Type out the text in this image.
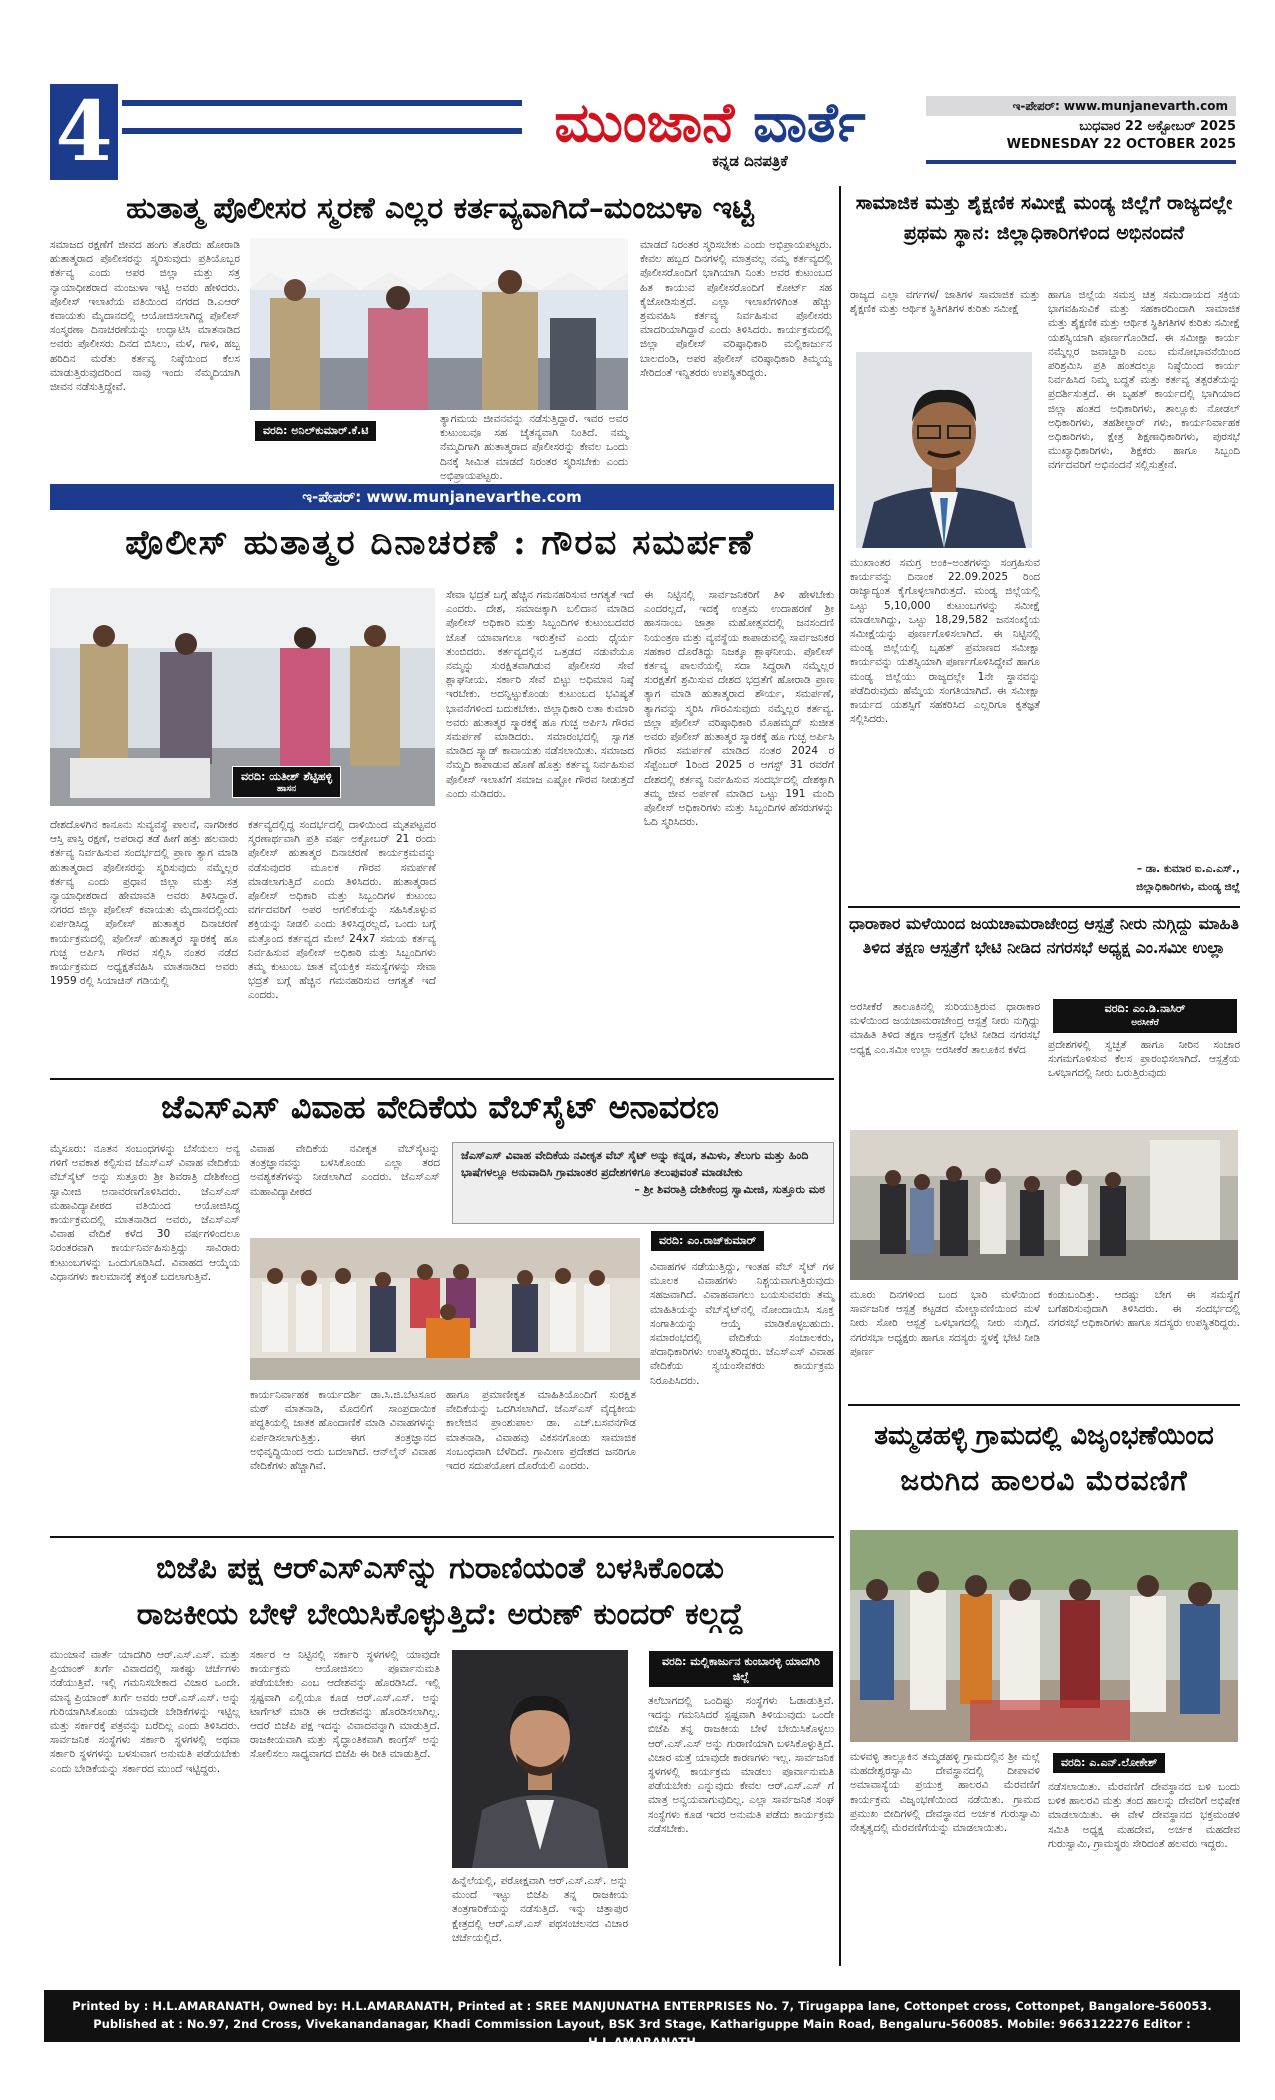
4	ಮುಂಜಾನೆ ವಾರ್ತೆ
ಕನ್ನಡ ದಿನಪತ್ರಿಕೆ
ಇ-ಪೇಪರ್: www.munjanevarth.com
ಬುಧವಾರ 22 ಅಕ್ಟೋಬರ್ 2025
WEDNESDAY 22 OCTOBER 2025
ಹುತಾತ್ಮ ಪೊಲೀಸರ ಸ್ಮರಣೆ ಎಲ್ಲರ ಕರ್ತವ್ಯವಾಗಿದೆ–ಮಂಜುಳಾ ಇಟ್ಟಿ
ಸಮಾಜದ ರಕ್ಷಣೆಗೆ ಜೀವದ ಹಂಗು ತೊರೆದು ಹೋರಾಡಿ ಹುತಾತ್ಮರಾದ ಪೊಲೀಸರನ್ನು ಸ್ಮರಿಸುವುದು ಪ್ರತಿಯೊಬ್ಬರ ಕರ್ತವ್ಯ ಎಂದು ಅಪರ ಜಿಲ್ಲಾ ಮತ್ತು ಸತ್ರ ನ್ಯಾಯಾಧೀಶರಾದ ಮಂಜುಳಾ ಇಟ್ಟಿ ಅವರು ಹೇಳಿದರು. ಪೊಲೀಸ್ ಇಲಾಖೆಯ ವತಿಯಿಂದ ನಗರದ ಡಿ.ಎಆರ್ ಕವಾಯತು ಮೈದಾನದಲ್ಲಿ ಆಯೋಜಿಸಲಾಗಿದ್ದ ಪೊಲೀಸ್ ಸಂಸ್ಮರಣಾ ದಿನಾಚರಣೆಯನ್ನು ಉದ್ಘಾಟಿಸಿ ಮಾತನಾಡಿದ ಅವರು ಪೊಲೀಸರು ದಿನದ ಬಿಸಿಲು, ಮಳೆ, ಗಾಳಿ, ಹಬ್ಬ ಹರಿದಿನ ಮರೆತು ಕರ್ತವ್ಯ ನಿಷ್ಠೆಯಿಂದ ಕೆಲಸ ಮಾಡುತ್ತಿರುವುದರಿಂದ ನಾವು ಇಂದು ನೆಮ್ಮದಿಯಾಗಿ ಜೀವನ ನಡೆಸುತ್ತಿದ್ದೇವೆ.
ವರದಿ: ಅನಿಲ್‌ಕುಮಾರ್.ಕೆ.ಟಿ
ತ್ಯಾಗಮಯ ಜೀವನವನ್ನು ನಡೆಸುತ್ತಿದ್ದಾರೆ. ಇವರ ಅವರ ಕುಟುಂಬವೂ ಸಹ ಚೈತನ್ಯವಾಗಿ ನಿಂತಿದೆ. ನಮ್ಮ ನೆಮ್ಮದಿಗಾಗಿ ಹುತಾತ್ಮರಾದ ಪೊಲೀಸರನ್ನು ಕೇವಲ ಒಂದು ದಿನಕ್ಕೆ ಸೀಮಿತ ಮಾಡದೆ ನಿರಂತರ ಸ್ಮರಿಸಬೇಕು ಎಂದು ಅಭಿಪ್ರಾಯಪಟ್ಟರು.
ಮಾಡದೆ ನಿರಂತರ ಸ್ಮರಿಸಬೇಕು ಎಂದು ಅಭಿಪ್ರಾಯಪಟ್ಟರು. ಕೇವಲ ಹಬ್ಬದ ದಿನಗಳಲ್ಲಿ ಮಾತ್ರವಲ್ಲ ನಮ್ಮ ಕರ್ತವ್ಯದಲ್ಲಿ ಪೊಲೀಸರೊಂದಿಗೆ ಭಾಗಿಯಾಗಿ ನಿಂತು ಅವರ ಕುಟುಂಬದ ಹಿತ ಕಾಯುವ ಪೊಲೀಸರೊಂದಿಗೆ ಕೋರ್ಟ್ ಸಹ ಕೈಜೋಡಿಸುತ್ತದೆ. ಎಲ್ಲಾ ಇಲಾಖೆಗಳಿಗಿಂತ ಹೆಚ್ಚು ಶ್ರಮವಹಿಸಿ ಕರ್ತವ್ಯ ನಿರ್ವಹಿಸುವ ಪೊಲೀಸರು ಮಾದರಿಯಾಗಿದ್ದಾರೆ ಎಂದು ತಿಳಿಸಿದರು. ಕಾರ್ಯಕ್ರಮದಲ್ಲಿ ಜಿಲ್ಲಾ ಪೊಲೀಸ್ ವರಿಷ್ಠಾಧಿಕಾರಿ ಮಲ್ಲಿಕಾರ್ಜುನ ಬಾಲದಂಡಿ, ಅಪರ ಪೊಲೀಸ್ ವರಿಷ್ಠಾಧಿಕಾರಿ ತಿಮ್ಮಯ್ಯ ಸೇರಿದಂತೆ ಇನ್ನಿತರರು ಉಪಸ್ಥಿತರಿದ್ದರು.
ಇ-ಪೇಪರ್: www.munjanevarthe.com
ಪೊಲೀಸ್ ಹುತಾತ್ಮರ ದಿನಾಚರಣೆ : ಗೌರವ ಸಮರ್ಪಣೆ
ವರದಿ: ಯತೀಶ್ ಶೆಟ್ಟಿಹಳ್ಳಿ
ಹಾಸನ
ದೇಶದೊಳಗಿನ ಕಾನೂನು ಸುವ್ಯವಸ್ಥೆ ಪಾಲನೆ, ನಾಗರೀಕರ ಆಸ್ತಿ ಪಾಸ್ತಿ ರಕ್ಷಣೆ, ಅಪರಾಧ ತಡೆ ಹೀಗೆ ಹತ್ತು ಹಲವಾರು ಕರ್ತವ್ಯ ನಿರ್ವಹಿಸುವ ಸಂದರ್ಭದಲ್ಲಿ ಪ್ರಾಣ ತ್ಯಾಗ ಮಾಡಿ ಹುತಾತ್ಮರಾದ ಪೊಲೀಸರನ್ನು ಸ್ಮರಿಸುವುದು ನಮ್ಮೆಲ್ಲರ ಕರ್ತವ್ಯ ಎಂದು ಪ್ರಧಾನ ಜಿಲ್ಲಾ ಮತ್ತು ಸತ್ರ ನ್ಯಾಯಾಧೀಶರಾದ ಹೇಮಾವತಿ ಅವರು ತಿಳಿಸಿದ್ದಾರೆ. ನಗರದ ಜಿಲ್ಲಾ ಪೊಲೀಸ್ ಕವಾಯತು ಮೈದಾನದಲ್ಲಿಂದು ಏರ್ಪಡಿಸಿದ್ದ ಪೊಲೀಸ್ ಹುತಾತ್ಮರ ದಿನಾಚರಣೆ ಕಾರ್ಯಕ್ರಮದಲ್ಲಿ ಪೊಲೀಸ್ ಹುತಾತ್ಮರ ಸ್ಮಾರಕಕ್ಕೆ ಹೂ ಗುಚ್ಛ ಅರ್ಪಿಸಿ ಗೌರವ ಸಲ್ಲಿಸಿ ನಂತರ ನಡೆದ ಕಾರ್ಯಕ್ರಮದ ಅಧ್ಯಕ್ಷತೆವಹಿಸಿ ಮಾತನಾಡಿದ ಅವರು 1959 ರಲ್ಲಿ ಸಿಯಾಚಿನ್ ಗಡಿಯಲ್ಲಿ
ಕರ್ತವ್ಯದಲ್ಲಿದ್ದ ಸಂದರ್ಭದಲ್ಲಿ ದಾಳಿಯಿಂದ ಮೃತಪಟ್ಟವರ ಸ್ಮರಣಾರ್ಥವಾಗಿ ಪ್ರತಿ ವರ್ಷ ಅಕ್ಟೋಬರ್ 21 ರಂದು ಪೊಲೀಸ್ ಹುತಾತ್ಮರ ದಿನಾಚರಣೆ ಕಾರ್ಯಕ್ರಮವನ್ನು ನಡೆಸುವುದರ ಮೂಲಕ ಗೌರವ ಸಮರ್ಪಣೆ ಮಾಡಲಾಗುತ್ತಿದೆ ಎಂದು ತಿಳಿಸಿದರು. ಹುತಾತ್ಮರಾದ ಪೊಲೀಸ್ ಅಧಿಕಾರಿ ಮತ್ತು ಸಿಬ್ಬಂದಿಗಳ ಕುಟುಂಬ ವರ್ಗದವರಿಗೆ ಅಪರ ಅಗಲಿಕೆಯನ್ನು ಸಹಿಸಿಕೊಳ್ಳುವ ಶಕ್ತಿಯನ್ನು ನೀಡಲಿ ಎಂದು ತಿಳಿಸಿದ್ದರಲ್ಲದೆ, ಒಂದು ಬಗ್ಗೆ ಮತ್ತೊಂದ ಕರ್ತವ್ಯದ ಮೇಲೆ 24x7 ಸಮಯ ಕರ್ತವ್ಯ ನಿರ್ವಹಿಸುವ ಪೊಲೀಸ್ ಅಧಿಕಾರಿ ಮತ್ತು ಸಿಬ್ಬಂದಿಗಳು ತಮ್ಮ ಕುಟುಂಬ ಜಾತ ವೈಯಕ್ತಿಕ ಸಮಸ್ಯೆಗಳನ್ನು ಸೇವಾ ಭದ್ರತೆ ಬಗ್ಗೆ ಹೆಚ್ಚಿನ ಗಮನಹರಿಸುವ ಆಗತ್ಯತೆ ಇದೆ ಎಂದರು.
ಸೇವಾ ಭದ್ರತೆ ಬಗ್ಗೆ ಹೆಚ್ಚಿನ ಗಮನಹರಿಸುವ ಆಗತ್ಯತೆ ಇದೆ ಎಂದರು. ದೇಶ, ಸಮಾಜಕ್ಕಾಗಿ ಬಲಿದಾನ ಮಾಡಿದ ಪೊಲೀಸ್ ಅಧಿಕಾರಿ ಮತ್ತು ಸಿಬ್ಬಂದಿಗಳ ಕುಟುಂಬದವರ ಜೊತೆ ಯಾವಾಗಲೂ ಇರುತ್ತೇವೆ ಎಂದು ಧೈರ್ಯ ತುಂಬಿದರು. ಕರ್ತವ್ಯದಲ್ಲಿನ ಒತ್ತಡದ ನಡುವೆಯೂ ನಮ್ಮನ್ನು ಸುರಕ್ಷಿತವಾಗಿಡುವ ಪೊಲೀಸರ ಸೇವೆ ಶ್ಲಾಘನೀಯ. ಸರ್ಕಾರಿ ಸೇವೆ ಬಿಟ್ಟು ಅಧಿಮಾನ ನಿಷ್ಠೆ ಇರಬೇಕು. ಅದನ್ನಿಟ್ಟುಕೊಂಡು ಕುಟುಂಬದ ಭವಿಷ್ಯತೆ ಭಾವನೆಗಳಿಂದ ಬದುಕಬೇಕು. ಜಿಲ್ಲಾಧಿಕಾರಿ ಲತಾ ಕುಮಾರಿ ಅವರು ಹುತಾತ್ಮರ ಸ್ಮಾರಕಕ್ಕೆ ಹೂ ಗುಚ್ಛ ಅರ್ಪಿಸಿ ಗೌರವ ಸಮರ್ಪಣೆ ಮಾಡಿದರು. ಸಮಾರಂಭದಲ್ಲಿ ಸ್ವಾಗತ ಮಾಡಿದ ಸ್ಕ್ವಾಡ್ ಕಾವಾಯತು ನಡೆಸಲಾಯಿತು. ಸಮಾಜದ ನೆಮ್ಮದಿ ಕಾಪಾಡುವ ಹೊಣೆ ಹೊತ್ತು ಕರ್ತವ್ಯ ನಿರ್ವಹಿಸುವ ಪೊಲೀಸ್ ಇಲಾಖೆಗೆ ಸಮಾಜ ಎಷ್ಟೋ ಗೌರವ ನೀಡುತ್ತದೆ ಎಂದು ನುಡಿದರು.
ಈ ನಿಟ್ಟಿನಲ್ಲಿ ಸಾರ್ವಜನಿಕರಿಗೆ ತಿಳಿ ಹೇಳಬೇಕು ಎಂದರಲ್ಲದೆ, ಇದಕ್ಕೆ ಉತ್ತಮ ಉದಾಹರಣೆ ಶ್ರೀ ಹಾಸನಾಂಬ ಜಾತ್ರಾ ಮಹೋತ್ಸವದಲ್ಲಿ ಜನಸಂದಣಿ ನಿಯಂತ್ರಣ ಮತ್ತು ವ್ಯವಸ್ಥೆಯ ಕಾಪಾಡುವಲ್ಲಿ ಸಾರ್ವಜನಿಕರ ಸಹಕಾರ ದೊರೆತಿದ್ದು ನಿಜಕ್ಕೂ ಶ್ಲಾಘನೀಯ. ಪೊಲೀಸ್ ಕರ್ತವ್ಯ ಪಾಲನೆಯಲ್ಲಿ ಸದಾ ಸಿದ್ಧರಾಗಿ ನಮ್ಮೆಲ್ಲರ ಸುರಕ್ಷತೆಗೆ ಶ್ರಮಿಸುವ ದೇಶದ ಭದ್ರತೆಗೆ ಹೋರಾಡಿ ಪ್ರಾಣ ತ್ಯಾಗ ಮಾಡಿ ಹುತಾತ್ಮರಾದ ಶೌರ್ಯ, ಸಮರ್ಪಣೆ, ತ್ಯಾಗವನ್ನು ಸ್ಮರಿಸಿ ಗೌರವಿಸುವುದು ನಮ್ಮೆಲ್ಲರ ಕರ್ತವ್ಯ. ಜಿಲ್ಲಾ ಪೊಲೀಸ್ ವರಿಷ್ಠಾಧಿಕಾರಿ ಮೊಹಮ್ಮದ್ ಸುಜೀತ ಅವರು ಪೊಲೀಸ್ ಹುತಾತ್ಮರ ಸ್ಮಾರಕಕ್ಕೆ ಹೂ ಗುಚ್ಛ ಅರ್ಪಿಸಿ ಗೌರವ ಸಮರ್ಪಣೆ ಮಾಡಿದ ನಂತರ 2024 ರ ಸೆಪ್ಟೆಂಬರ್ 1ರಿಂದ 2025 ರ ಆಗಸ್ಟ್ 31 ರವರೆಗೆ ದೇಶದಲ್ಲಿ ಕರ್ತವ್ಯ ನಿರ್ವಹಿಸುವ ಸಂದರ್ಭದಲ್ಲಿ ದೇಶಕ್ಕಾಗಿ ತಮ್ಮ ಜೀವ ಅರ್ಪಣೆ ಮಾಡಿದ ಒಟ್ಟು 191 ಮಂದಿ ಪೊಲೀಸ್ ಅಧಿಕಾರಿಗಳು ಮತ್ತು ಸಿಬ್ಬಂದಿಗಳ ಹೆಸರುಗಳನ್ನು ಓದಿ ಸ್ಮರಿಸಿದರು.
ಜೆಎಸ್‌ಎಸ್ ವಿವಾಹ ವೇದಿಕೆಯ ವೆಬ್‌ಸೈಟ್ ಅನಾವರಣ
ಮೈಸೂರು: ನೂತನ ಸಂಬಂಧಗಳನ್ನು ಬೆಸೆಯಲು ಅನ್ಯ ಗಳಿಗೆ ಅವಕಾಶ ಕಲ್ಪಿಸುವ ಜೆಎಸ್‌ಎಸ್ ವಿವಾಹ ವೇದಿಕೆಯ ವೆಬ್‌ಸೈಟ್ ಅನ್ನು ಸುತ್ತೂರು ಶ್ರೀ ಶಿವರಾತ್ರಿ ದೇಶಿಕೇಂದ್ರ ಸ್ವಾಮೀಜಿ ಅನಾವರಣಗೊಳಿಸಿದರು. ಜೆಎಸ್‌ಎಸ್ ಮಹಾವಿದ್ಯಾಪೀಠದ ವತಿಯಿಂದ ಆಯೋಜಿಸಿದ್ದ ಕಾರ್ಯಕ್ರಮದಲ್ಲಿ ಮಾತನಾಡಿದ ಅವರು, ಜೆಎಸ್‌ಎಸ್ ವಿವಾಹ ವೇದಿಕೆ ಕಳೆದ 30 ವರ್ಷಗಳಿಂದಲೂ ನಿರಂತರವಾಗಿ ಕಾರ್ಯನಿರ್ವಹಿಸುತ್ತಿದ್ದು ಸಾವಿರಾರು ಕುಟುಂಬಗಳನ್ನು ಒಂದುಗೂಡಿಸಿದೆ. ವಿವಾಹದ ಆಯ್ಕೆಯ ವಿಧಾನಗಳು ಕಾಲಮಾನಕ್ಕೆ ತಕ್ಕಂತೆ ಬದಲಾಗುತ್ತಿವೆ.
ವಿವಾಹ ವೇದಿಕೆಯ ನವೀಕೃತ ವೆಬ್‌ಸೈಟನ್ನು ತಂತ್ರಜ್ಞಾನವನ್ನು ಬಳಸಿಕೊಂಡು ಎಲ್ಲಾ ತರದ ಅವಶ್ಯಕತೆಗಳನ್ನು ನೀಡಲಾಗಿದೆ ಎಂದರು. ಜೆಎಸ್‌ಎಸ್ ಮಹಾವಿದ್ಯಾಪೀಠದ
ಜೆಎಸ್‌ಎಸ್ ವಿವಾಹ ವೇದಿಕೆಯ ನವೀಕೃತ ವೆಬ್ ಸೈಟ್ ಅನ್ನು ಕನ್ನಡ, ತಮಿಳು, ತೆಲುಗು ಮತ್ತು ಹಿಂದಿ ಭಾಷೆಗಳಲ್ಲೂ ಅನುವಾದಿಸಿ ಗ್ರಾಮಾಂತರ ಪ್ರದೇಶಗಳಿಗೂ ತಲುಪುವಂತೆ ಮಾಡಬೇಕು
– ಶ್ರೀ ಶಿವರಾತ್ರಿ ದೇಶಿಕೇಂದ್ರ ಸ್ವಾಮೀಜಿ, ಸುತ್ತೂರು ಮಠ
ವರದಿ: ಎಂ.ರಾಜ್‌ಕುಮಾರ್
ಕಾರ್ಯನಿರ್ವಾಹಕ ಕಾರ್ಯದರ್ಶಿ ಡಾ.ಸಿ.ಜಿ.ಬೆಟಸೂರ ಮಠ್ ಮಾತನಾಡಿ, ಮೊದಲಿಗೆ ಸಾಂಪ್ರದಾಯಿಕ ಪದ್ಧತಿಯಲ್ಲಿ ಜಾತಕ ಹೊಂದಾಣಿಕೆ ಮಾಡಿ ವಿವಾಹಗಳನ್ನು ಏರ್ಪಡಿಸಲಾಗುತ್ತಿತ್ತು. ಈಗ ತಂತ್ರಜ್ಞಾನದ ಅಭಿವೃದ್ಧಿಯಿಂದ ಅದು ಬದಲಾಗಿದೆ. ಆನ್‌ಲೈನ್ ವಿವಾಹ ವೇದಿಕೆಗಳು ಹೆಚ್ಚಾಗಿವೆ.
ಹಾಗೂ ಪ್ರಮಾಣೀಕೃತ ಮಾಹಿತಿಯೊಂದಿಗೆ ಸುರಕ್ಷಿತ ವೇದಿಕೆಯನ್ನು ಒದಗಿಸಲಾಗಿದೆ. ಜೆಎಸ್‌ಎಸ್ ವೈದ್ಯಕೀಯ ಕಾಲೇಜಿನ ಪ್ರಾಂಶುಪಾಲ ಡಾ. ಎಚ್.ಬಸವನಗೌಡ ಮಾತನಾಡಿ, ವಿವಾಹವು ವಿಕಸನಗೊಂಡು ಸಾಮಾಜಿಕ ಸಂಬಂಧವಾಗಿ ಬೆಳೆದಿದೆ. ಗ್ರಾಮೀಣ ಪ್ರದೇಶದ ಜನರಿಗೂ ಇದರ ಸದುಪಯೋಗ ದೊರೆಯಲಿ ಎಂದರು.
ವಿವಾಹಗಳ ನಡೆಯುತ್ತಿದ್ದು, ಇಂತಹ ವೆಬ್ ಸೈಟ್ ಗಳ ಮೂಲಕ ವಿವಾಹಗಳು ನಿಶ್ಚಯವಾಗುತ್ತಿರುವುದು ಸಹಜವಾಗಿದೆ. ವಿವಾಹವಾಗಲು ಬಯಸುವವರು ತಮ್ಮ ಮಾಹಿತಿಯನ್ನು ವೆಬ್‌ಸೈಟ್‌ನಲ್ಲಿ ನೋಂದಾಯಿಸಿ ಸೂಕ್ತ ಸಂಗಾತಿಯನ್ನು ಆಯ್ಕೆ ಮಾಡಿಕೊಳ್ಳಬಹುದು. ಸಮಾರಂಭದಲ್ಲಿ ವೇದಿಕೆಯ ಸಂಚಾಲಕರು, ಪದಾಧಿಕಾರಿಗಳು ಉಪಸ್ಥಿತರಿದ್ದರು. ಜೆಎಸ್‌ಎಸ್ ವಿವಾಹ ವೇದಿಕೆಯ ಸ್ವಯಂಸೇವಕರು ಕಾರ್ಯಕ್ರಮ ನಿರೂಪಿಸಿದರು.
ಬಿಜೆಪಿ ಪಕ್ಷ ಆರ್‌ಎಸ್‌ಎಸ್‌ನ್ನು ಗುರಾಣಿಯಂತೆ ಬಳಸಿಕೊಂಡು
ರಾಜಕೀಯ ಬೇಳೆ ಬೇಯಿಸಿಕೊಳ್ಳುತ್ತಿದೆ: ಅರುಣ್ ಕುಂದರ್ ಕಲ್ಗದ್ದೆ
ಮುಂಜಾನೆ ವಾರ್ತೆ ಯಾದಗಿರಿ ಆರ್.ಎಸ್.ಎಸ್. ಮತ್ತು ಪ್ರಿಯಾಂಕ್ ಖರ್ಗೆ ವಿವಾದದಲ್ಲಿ ಸಾಕಷ್ಟು ಚರ್ಚೆಗಳು ನಡೆಯುತ್ತಿವೆ. ಇಲ್ಲಿ ಗಮನಿಸಬೇಕಾದ ವಿಚಾರ ಒಂದೇ. ಮಾನ್ಯ ಪ್ರಿಯಾಂಕ್ ಖರ್ಗೆ ಅವರು ಆರ್.ಎಸ್.ಎಸ್. ಅನ್ನು ಗುರಿಯಾಗಿಸಿಕೊಂಡು ಯಾವುದೇ ಬೇಡಿಕೆಗಳನ್ನು ಇಟ್ಟಿಲ್ಲ ಮತ್ತು ಸರ್ಕಾರಕ್ಕೆ ಪತ್ರವನ್ನು ಬರೆದಿಲ್ಲ ಎಂದು ತಿಳಿಸಿದರು. ಸಾರ್ವಜನಿಕ ಸಂಸ್ಥೆಗಳು ಸರ್ಕಾರಿ ಸ್ಥಳಗಳಲ್ಲಿ ಅಥವಾ ಸರ್ಕಾರಿ ಸ್ಥಳಗಳನ್ನು ಬಳಸುವಾಗ ಅನುಮತಿ ಪಡೆಯಬೇಕು ಎಂದು ಬೇಡಿಕೆಯನ್ನು ಸರ್ಕಾರದ ಮುಂದೆ ಇಟ್ಟಿದ್ದರು.
ಸರ್ಕಾರ ಆ ನಿಟ್ಟಿನಲ್ಲಿ ಸರ್ಕಾರಿ ಸ್ಥಳಗಳಲ್ಲಿ ಯಾವುದೇ ಕಾರ್ಯಕ್ರಮ ಆಯೋಜಿಸಲು ಪೂರ್ವಾನುಮತಿ ಪಡೆಯಬೇಕು ಎಂಬ ಆದೇಶವನ್ನು ಹೊರಡಿಸಿದೆ. ಇಲ್ಲಿ ಸ್ಪಷ್ಟವಾಗಿ ಎಲ್ಲಿಯೂ ಕೂಡ ಆರ್.ಎಸ್.ಎಸ್. ಅನ್ನು ಟಾರ್ಗೆಟ್ ಮಾಡಿ ಈ ಆದೇಶವನ್ನು ಹೊರಡಿಸಲಾಗಿಲ್ಲ. ಆದರೆ ಬಿಜೆಪಿ ಪಕ್ಷ ಇದನ್ನು ವಿವಾದವನ್ನಾಗಿ ಮಾಡುತ್ತಿದೆ. ರಾಜಕೀಯವಾಗಿ ಮತ್ತು ಸೈದ್ಧಾಂತಿಕವಾಗಿ ಕಾಂಗ್ರೆಸ್ ಅನ್ನು ಸೋಲಿಸಲು ಸಾಧ್ಯವಾಗದ ಬಿಜೆಪಿ ಈ ರೀತಿ ಮಾಡುತ್ತಿದೆ.
ಹಿನ್ನೆಲೆಯಲ್ಲಿ, ಪರೋಕ್ಷವಾಗಿ ಆರ್.ಎಸ್.ಎಸ್. ಅನ್ನು ಮುಂದೆ ಇಟ್ಟು ಬಿಜೆಪಿ ತನ್ನ ರಾಜಕೀಯ ತಂತ್ರಗಾರಿಕೆಯನ್ನು ನಡೆಸುತ್ತಿದೆ. ಇನ್ನು ಚಿತ್ತಾಪುರ ಕ್ಷೇತ್ರದಲ್ಲಿ ಆರ್.ಎಸ್.ಎಸ್ ಪಥಸಂಚಲನದ ವಿಚಾರ ಚರ್ಚೆಯಲ್ಲಿದೆ.
ವರದಿ: ಮಲ್ಲಿಕಾರ್ಜುನ ಕುಂಬಾರಳ್ಳಿ ಯಾದಗಿರಿ ಜಿಲ್ಲೆ
ತಲೆಬಾಗದಲ್ಲಿ ಒಂದಿಷ್ಟು ಸಂಸ್ಥೆಗಳು ಓಡಾಡುತ್ತಿವೆ. ಇದನ್ನು ಗಮನಿಸಿದರೆ ಸ್ಪಷ್ಟವಾಗಿ ತಿಳಿಯುವುದು ಒಂದೇ ಬಿಜೆಪಿ ತನ್ನ ರಾಜಕೀಯ ಬೇಳೆ ಬೇಯಿಸಿಕೊಳ್ಳಲು ಆರ್.ಎಸ್.ಎಸ್ ಅನ್ನು ಗುರಾಣಿಯಾಗಿ ಬಳಸಿಕೊಳ್ಳುತ್ತಿದೆ. ವಿಚಾರ ಮತ್ತೆ ಯಾವುದೇ ಕಾರಣಗಳು ಇಲ್ಲ. ಸಾರ್ವಜನಿಕ ಸ್ಥಳಗಳಲ್ಲಿ ಕಾರ್ಯಕ್ರಮ ಮಾಡಲು ಪೂರ್ವಾನುಮತಿ ಪಡೆಯಬೇಕು ಎನ್ನುವುದು ಕೇವಲ ಆರ್.ಎಸ್.ಎಸ್ ಗೆ ಮಾತ್ರ ಅನ್ವಯವಾಗುವುದಿಲ್ಲ. ಎಲ್ಲಾ ಸಾರ್ವಜನಿಕ ಸಂಘ ಸಂಸ್ಥೆಗಳು ಕೂಡ ಇದರ ಅನುಮತಿ ಪಡೆದು ಕಾರ್ಯಕ್ರಮ ನಡೆಸಬೇಕು.
ಸಾಮಾಜಿಕ ಮತ್ತು ಶೈಕ್ಷಣಿಕ ಸಮೀಕ್ಷೆ ಮಂಡ್ಯ ಜಿಲ್ಲೆಗೆ ರಾಜ್ಯದಲ್ಲೇ ಪ್ರಥಮ ಸ್ಥಾನ: ಜಿಲ್ಲಾಧಿಕಾರಿಗಳಿಂದ ಅಭಿನಂದನೆ
ರಾಜ್ಯದ ಎಲ್ಲಾ ವರ್ಗಗಳ/ ಜಾತಿಗಳ ಸಾಮಾಜಿಕ ಮತ್ತು ಶೈಕ್ಷಣಿಕ ಮತ್ತು ಆರ್ಥಿಕ ಸ್ಥಿತಿಗತಿಗಳ ಕುರಿತು ಸಮೀಕ್ಷೆ
ಮುಖಾಂತರ ಸಮಗ್ರ ಅಂಕಿ–ಅಂಶಗಳನ್ನು ಸಂಗ್ರಹಿಸುವ ಕಾರ್ಯವನ್ನು ದಿನಾಂಕ 22.09.2025 ರಿಂದ ರಾಜ್ಯಾದ್ಯಂತ ಕೈಗೊಳ್ಳಲಾಗಿರುತ್ತದೆ. ಮಂಡ್ಯ ಜಿಲ್ಲೆಯಲ್ಲಿ ಒಟ್ಟು 5,10,000 ಕುಟುಂಬಗಳನ್ನು ಸಮೀಕ್ಷೆ ಮಾಡಲಾಗಿದ್ದು, ಒಟ್ಟು 18,29,582 ಜನಸಂಖ್ಯೆಯ ಸಮೀಕ್ಷೆಯನ್ನು ಪೂರ್ಣಗೊಳಿಸಲಾಗಿದೆ. ಈ ನಿಟ್ಟಿನಲ್ಲಿ ಮಂಡ್ಯ ಜಿಲ್ಲೆಯಲ್ಲಿ ಬೃಹತ್ ಪ್ರಮಾಣದ ಸಮೀಕ್ಷಾ ಕಾರ್ಯವನ್ನು ಯಶಸ್ವಿಯಾಗಿ ಪೂರ್ಣಗೊಳಿಸಿದ್ದೇವೆ ಹಾಗೂ ಮಂಡ್ಯ ಜಿಲ್ಲೆಯು ರಾಜ್ಯದಲ್ಲೇ 1ನೇ ಸ್ಥಾನವನ್ನು ಪಡೆದಿರುವುದು ಹೆಮ್ಮೆಯ ಸಂಗತಿಯಾಗಿದೆ. ಈ ಸಮೀಕ್ಷಾ ಕಾರ್ಯದ ಯಶಸ್ಸಿಗೆ ಸಹಕರಿಸಿದ ಎಲ್ಲರಿಗೂ ಕೃತಜ್ಞತೆ ಸಲ್ಲಿಸಿದರು.
ಹಾಗೂ ಜಿಲ್ಲೆಯ ಸಮಸ್ತ ಚಿತ್ರ ಸಮುದಾಯದ ಸಕ್ರಿಯ ಭಾಗವಹಿಸುವಿಕೆ ಮತ್ತು ಸಹಕಾರದಿಂದಾಗಿ ಸಾಮಾಜಿಕ ಮತ್ತು ಶೈಕ್ಷಣಿಕ ಮತ್ತು ಆರ್ಥಿಕ ಸ್ಥಿತಿಗತಿಗಳ ಕುರಿತು ಸಮೀಕ್ಷೆ ಯಶಸ್ವಿಯಾಗಿ ಪೂರ್ಣಗೊಂಡಿದೆ. ಈ ಸಮೀಕ್ಷಾ ಕಾರ್ಯ ನಮ್ಮೆಲ್ಲರ ಜವಾಬ್ದಾರಿ ಎಂಬ ಮನೋಭಾವನೆಯಿಂದ ಪರಿಶ್ರಮಿಸಿ ಪ್ರತಿ ಹಂತದಲ್ಲೂ ನಿಷ್ಠೆಯಿಂದ ಕಾರ್ಯ ನಿರ್ವಹಿಸಿದ ನಿಮ್ಮ ಬದ್ಧತೆ ಮತ್ತು ಕರ್ತವ್ಯ ತತ್ಪರತೆಯನ್ನು ಪ್ರದರ್ಶಿಸುತ್ತದೆ. ಈ ಬೃಹತ್ ಕಾರ್ಯದಲ್ಲಿ ಭಾಗಿಯಾದ ಜಿಲ್ಲಾ ಹಂತದ ಅಧಿಕಾರಿಗಳು, ತಾಲ್ಲೂಕು ನೋಡಲ್ ಅಧಿಕಾರಿಗಳು, ತಹಶೀಲ್ದಾರ್ ಗಳು, ಕಾರ್ಯನಿರ್ವಾಹಕ ಅಧಿಕಾರಿಗಳು, ಕ್ಷೇತ್ರ ಶಿಕ್ಷಣಾಧಿಕಾರಿಗಳು, ಪುರಸಭೆ ಮುಖ್ಯಾಧಿಕಾರಿಗಳು, ಶಿಕ್ಷಕರು ಹಾಗೂ ಸಿಬ್ಬಂದಿ ವರ್ಗದವರಿಗೆ ಅಭಿನಂದನೆ ಸಲ್ಲಿಸುತ್ತೇನೆ.
– ಡಾ. ಕುಮಾರ ಐ.ಎ.ಎಸ್.,
ಜಿಲ್ಲಾಧಿಕಾರಿಗಳು, ಮಂಡ್ಯ ಜಿಲ್ಲೆ
ಧಾರಾಕಾರ ಮಳೆಯಿಂದ ಜಯಚಾಮರಾಜೇಂದ್ರ ಆಸ್ಪತ್ರೆ ನೀರು ನುಗ್ಗಿದ್ದು ಮಾಹಿತಿ ತಿಳಿದ ತಕ್ಷಣ ಆಸ್ಪತ್ರೆಗೆ ಭೇಟಿ ನೀಡಿದ ನಗರಸಭೆ ಅಧ್ಯಕ್ಷ ಎಂ.ಸಮೀ ಉಲ್ಲಾ
ಅರಸೀಕೆರೆ ತಾಲೂಕಿನಲ್ಲಿ ಸುರಿಯುತ್ತಿರುವ ಧಾರಾಕಾರ ಮಳೆಯಿಂದ ಜಯಚಾಮರಾಜೇಂದ್ರ ಆಸ್ಪತ್ರೆ ನೀರು ನುಗ್ಗಿದ್ದು ಮಾಹಿತಿ ತಿಳಿದ ತಕ್ಷಣ ಆಸ್ಪತ್ರೆಗೆ ಭೇಟಿ ನೀಡಿದ ನಗರಸಭೆ ಅಧ್ಯಕ್ಷ ಎಂ.ಸಮೀ ಉಲ್ಲಾ ಅರಸೀಕೆರೆ ತಾಲೂಕಿನ ಕಳೆದ
ವರದಿ: ಎಂ.ಡಿ.ನಾಸಿರ್
ಅರಸೀಕೆರೆ
ಪ್ರದೇಶಗಳಲ್ಲಿ ಸ್ವಚ್ಛತೆ ಹಾಗೂ ನೀರಿನ ಸಂಚಾರ ಸುಗಮಗೊಳಿಸುವ ಕೆಲಸ ಪ್ರಾರಂಭಿಸಲಾಗಿದೆ. ಆಸ್ಪತ್ರೆಯ ಒಳಭಾಗದಲ್ಲಿ ನೀರು ಬರುತ್ತಿರುವುದು
ಮೂರು ದಿನಗಳಿಂದ ಬಂದ ಭಾರಿ ಮಳೆಯಿಂದ ಸಾರ್ವಜನಿಕ ಆಸ್ಪತ್ರೆ ಕಟ್ಟಡದ ಮೇಲ್ಚಾವಣಿಯಿಂದ ಮಳೆ ನೀರು ಸೋರಿ ಆಸ್ಪತ್ರೆ ಒಳಭಾಗದಲ್ಲಿ ನೀರು ನುಗ್ಗಿದೆ. ನಗರಸಭಾ ಅಧ್ಯಕ್ಷರು ಹಾಗೂ ಸದಸ್ಯರು ಸ್ಥಳಕ್ಕೆ ಭೇಟಿ ನೀಡಿ ಪೂರ್ಣ
ಕಂಡುಬಂದಿತ್ತು. ಆದಷ್ಟು ಬೇಗ ಈ ಸಮಸ್ಯೆಗೆ ಬಗೆಹರಿಸುವುದಾಗಿ ತಿಳಿಸಿದರು. ಈ ಸಂದರ್ಭದಲ್ಲಿ ನಗರಸಭೆ ಅಧಿಕಾರಿಗಳು ಹಾಗೂ ಸದಸ್ಯರು ಉಪಸ್ಥಿತರಿದ್ದರು.
ತಮ್ಮಡಹಳ್ಳಿ ಗ್ರಾಮದಲ್ಲಿ ವಿಜೃಂಭಣೆಯಿಂದ
ಜರುಗಿದ ಹಾಲರವಿ ಮೆರವಣಿಗೆ
ಮಳವಳ್ಳಿ ತಾಲ್ಲೂಕಿನ ತಮ್ಮಡಹಳ್ಳಿ ಗ್ರಾಮದಲ್ಲಿನ ಶ್ರೀ ಮಲ್ಲೆ ಮಹದೇಶ್ವರಸ್ವಾಮಿ ದೇವಸ್ಥಾನದಲ್ಲಿ ದೀಪಾವಳಿ ಅಮಾವಾಸ್ಯೆಯ ಪ್ರಯುಕ್ತ ಹಾಲರವಿ ಮೆರವಣಿಗೆ ಕಾರ್ಯಕ್ರಮ ವಿಜೃಂಭಣೆಯಿಂದ ನಡೆಯಿತು. ಗ್ರಾಮದ ಪ್ರಮುಖ ಬೀದಿಗಳಲ್ಲಿ ದೇವಸ್ಥಾನದ ಅರ್ಚಕ ಗುರುಸ್ವಾಮಿ ನೇತೃತ್ವದಲ್ಲಿ ಮೆರವಣಿಗೆಯನ್ನು ಮಾಡಲಾಯಿತು.
ವರದಿ: ಎ.ಎನ್.ಲೋಕೇಶ್
ನಡೆಸಲಾಯಿತು. ಮೆರವಣಿಗೆ ದೇವಸ್ಥಾನದ ಬಳಿ ಬಂದು ಬಳಿಕ ಹಾಲರವಿ ಮತ್ತು ತಂದ ಹಾಲನ್ನು ದೇವರಿಗೆ ಅಭಿಷೇಕ ಮಾಡಲಾಯಿತು. ಈ ವೇಳೆ ದೇವಸ್ಥಾನದ ಭಕ್ತಮಂಡಳಿ ಸಮಿತಿ ಅಧ್ಯಕ್ಷ ಮಹದೇವ, ಅರ್ಚಕ ಮಹದೇವ ಗುರುಸ್ವಾಮಿ, ಗ್ರಾಮಸ್ಥರು ಸೇರಿದಂತೆ ಹಲವರು ಇದ್ದರು.
Printed by : H.L.AMARANATH, Owned by: H.L.AMARANATH, Printed at : SREE MANJUNATHA ENTERPRISES No. 7, Tirugappa lane, Cottonpet cross, Cottonpet, Bangalore-560053.
Published at : No.97, 2nd Cross, Vivekanandanagar, Khadi Commission Layout, BSK 3rd Stage, Kathariguppe Main Road, Bengaluru-560085. Mobile: 9663122276 Editor : H.L.AMARANATH
